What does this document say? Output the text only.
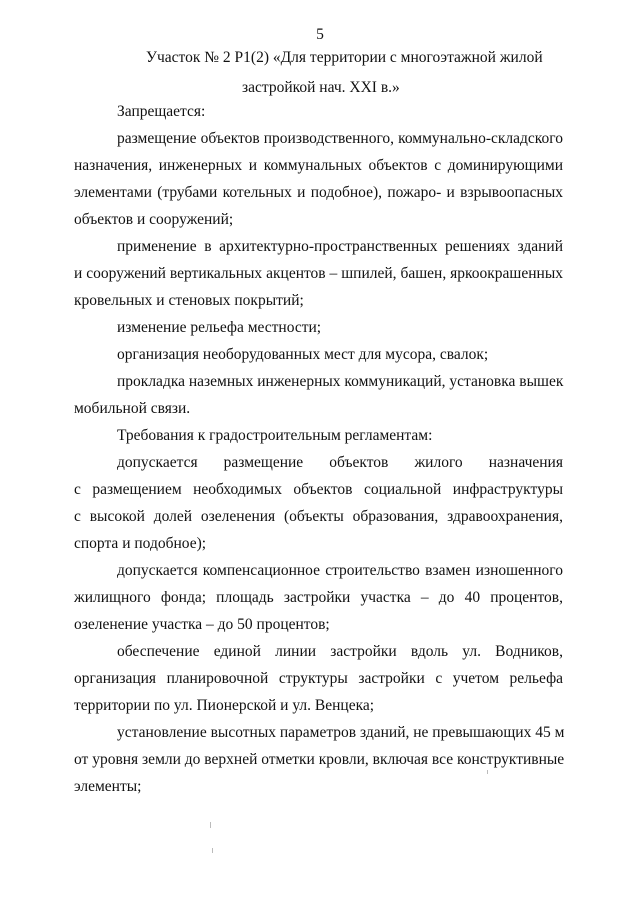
5
Участок № 2 Р1(2) «Для территории с многоэтажной жилой
застройкой нач. XXI в.»
Запрещается:
размещение объектов производственного, коммунально-складского
назначения, инженерных и коммунальных объектов с доминирующими
элементами (трубами котельных и подобное), пожаро- и взрывоопасных
объектов и сооружений;
применение в архитектурно-пространственных решениях зданий
и сооружений вертикальных акцентов – шпилей, башен, яркоокрашенных
кровельных и стеновых покрытий;
изменение рельефа местности;
организация необорудованных мест для мусора, свалок;
прокладка наземных инженерных коммуникаций, установка вышек
мобильной связи.
Требования к градостроительным регламентам:
допускается размещение объектов жилого назначения
с размещением необходимых объектов социальной инфраструктуры
с высокой долей озеленения (объекты образования, здравоохранения,
спорта и подобное);
допускается компенсационное строительство взамен изношенного
жилищного фонда; площадь застройки участка – до 40 процентов,
озеленение участка – до 50 процентов;
обеспечение единой линии застройки вдоль ул. Водников,
организация планировочной структуры застройки с учетом рельефа
территории по ул. Пионерской и ул. Венцека;
установление высотных параметров зданий, не превышающих 45 м
от уровня земли до верхней отметки кровли, включая все конструктивные
элементы;
